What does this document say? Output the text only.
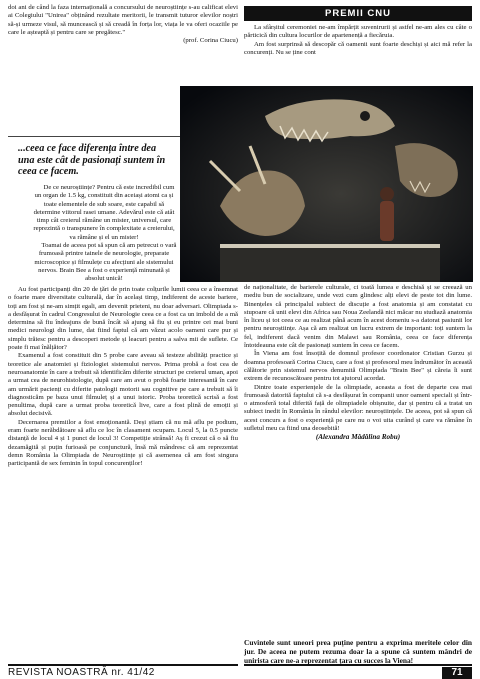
doi ani de când la faza internațională a concursului de neuroștiințe s-au calificat elevi ai Colegiului "Unirea" obținând rezultate meritorii, le transmit tuturor elevilor noștri să-și urmeze visul, să muncească și să creadă în forța lor, viața le va oferi ocaziile pe care le așteaptă și pentru care se pregătesc."

(prof. Corina Ciucu)

...ceea ce face diferența între dea una este cât de pasionați suntem în ceea ce facem.

De ce neuroștiințe? Pentru că este incredibil cum un organ de 1.5 kg, constituit din aceiași atomi ca și toate elementele de sub soare, este capabil să determine viitorul rasei umane. Adevărul este că atât timp cât creierul rămâne un mister, universul, care reprezintă o transpunere în complexitate a creierului, va rămâne și el un mister!

Toamai de aceea pot să spun că am petrecut o vară frumoasă printre tainele de neurologie, preparate microscopice și filmulețe cu afecțiuni ale sistemului nervos. Brain Bee a fost o experiență minunată și absolut unică!

Au fost participanți din 20 de țări de prin toate colțurile lumii ceea ce a însemnat o foarte mare diversitate culturală, dar în același timp, indiferent de aceste bariere, toți am fost și ne-am simțit egali, am devenit prieteni, nu doar adversari. Olimpiada s-a desfășurat în cadrul Congresului de Neurologie ceea ce a fost ca un imbold de a mă determina să fiu îndeajuns de bună încât să ajung să fiu și eu printre cei mai buni medici neurologi din lume, dat fiind faptul că am văzut acolo oameni care pur și simplu trăiesc pentru a descoperi metode și leacuri pentru a salva mii de suflete. Ce poate fi mai înălțător?

Examenul a fost constituit din 5 probe care aveau să testeze abilități practice și teoretice ale anatomiei și fiziologiei sistemului nervos. Prima probă a fost cea de neuroanatomie în care a trebuit să identificăm diferite structuri pe creierul uman, apoi a urmat cea de neurohistologie, după care am avut o probă foarte interesantă în care am urmărit pacienți cu diferite patologii motorii sau cognitive pe care a trebuit să îi diagnosticăm pe baza unui filmuleț și a unui istoric. Proba teoretică scrisă a fost penultima, după care a urmat proba teoretică live, care a fost plină de emoții și absolut decisivă.

Decernarea premiilor a fost emoționantă. Deși știam că nu mă aflu pe podium, eram foarte nerăbdătoare să aflu ce loc în clasament ocupam. Locul 5, la 0.5 puncte distanță de locul 4 și 1 punct de locul 3! Competiție strânsă! Aș fi crezut că o să fiu dezamăgită și puțin furioasă pe conjunctură, însă mă mândresc că am reprezentat demn România la Olimpiada de Neuroștiințe și că asemenea că am fost singura participantă de sex feminin în topul concurenților!

PREMII CNU

La sfârșitul ceremoniei ne-am împărțit suvenirurii și astfel ne-am ales cu câte o părticică din cultura locurilor de apartenență a fiecăruia.

Am fost surprinsă să descopăr că oamenii sunt foarte deschiși și aici mă refer la concurenți. Nu se ține cont

de naționalitate, de barierele culturale, ci toată lumea e deschisă și se creează un mediu bun de socializare, unde vezi cum glindesc alți elevi de peste tot din lume. Binențeles că principalul subiect de discuție a fost anatomia și am constatat cu stupoare că unii elevi din Africa sau Noua Zeelandă nici măcar nu studiază anatomia în liceu și tot ceea ce au realizat până acum în acest domeniu s-a datorat pasiunii lor pentru neuroștiințe. Așa că am realizat un lucru extrem de important: toți suntem la fel, indiferent dacă venim din Malawi sau România, ceea ce face diferența întotdeauna este cât de pasionați suntem în ceea ce facem.

În Viena am fost însoțită de domnul profesor coordonator Cristian Gurzu și doamna profesoară Corina Ciucu, care a fost și profesorul meu îndrumător în această călătorie prin sistemul nervos denumită Olimpiada "Brain Bee" și căreia îi sunt extrem de recunoscătoare pentru tot ajutorul acordat.

Dintre toate experiențele de la olimpiade, aceasta a fost de departe cea mai frumoasă datorită faptului că s-a desfășurat în companii unor oameni speciali și într-o atmosferă total diferită față de olimpiadele obișnuite, dar și pentru că a tratat un subiect inedit în România în rândul elevilor: neuroștiințele. De aceea, pot să spun că acest concurs a fost o experiență pe care nu o voi uita curând și care va rămâne în sufletul meu ca fiind una deosebită!

(Alexandra Mădălina Robu)

Cuvintele sunt uneori prea puține pentru a exprima meritele celor din jur. De aceea ne putem rezuma doar la a spune că suntem mândri de unirista care ne-a reprezentat țara cu succes la Viena!
REVISTA NOASTRĂ nr. 41/42	71
